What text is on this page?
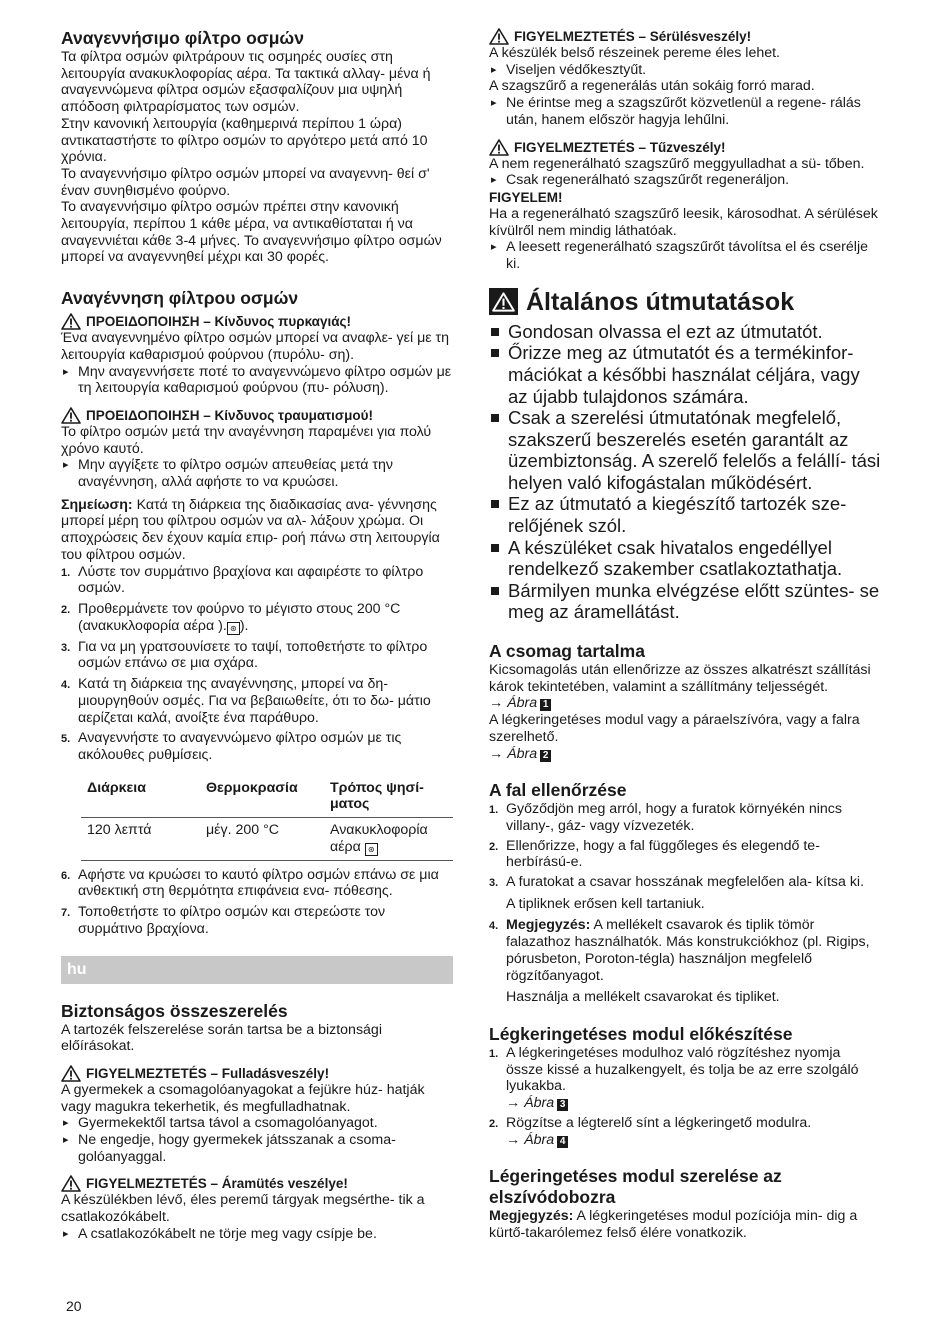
Αναγεννήσιμο φίλτρο οσμών

Τα φίλτρα οσμών φιλτράρουν τις οσμηρές ουσίες στη λειτουργία ανακυκλοφορίας αέρα. Τα τακτικά αλλαγ- μένα ή αναγεννώμενα φίλτρα οσμών εξασφαλίζουν μια υψηλή απόδοση φιλτραρίσματος των οσμών.

Στην κανονική λειτουργία (καθημερινά περίπου 1 ώρα) αντικαταστήστε το φίλτρο οσμών το αργότερο μετά από 10 χρόνια.

Το αναγεννήσιμο φίλτρο οσμών μπορεί να αναγεννη- θεί σ' έναν συνηθισμένο φούρνο.

Το αναγεννήσιμο φίλτρο οσμών πρέπει στην κανονική λειτουργία, περίπου 1 κάθε μέρα, να αντικαθίσταται ή να αναγεννιέται κάθε 3-4 μήνες. Το αναγεννήσιμο φίλτρο οσμών μπορεί να αναγεννηθεί μέχρι και 30 φορές.

Αναγέννηση φίλτρου οσμών
ΠΡΟΕΙΔΟΠΟΙΗΣΗ – Κίνδυνος πυρκαγιάς!

Ένα αναγεννημένο φίλτρο οσμών μπορεί να αναφλε- γεί με τη λειτουργία καθαρισμού φούρνου (πυρόλυ- ση).

▸ Μην αναγεννήσετε ποτέ το αναγεννώμενο φίλτρο οσμών με τη λειτουργία καθαρισμού φούρνου (πυ- ρόλυση).
ΠΡΟΕΙΔΟΠΟΙΗΣΗ – Κίνδυνος τραυματισμού!

Το φίλτρο οσμών μετά την αναγέννηση παραμένει για πολύ χρόνο καυτό.

▸ Μην αγγίξετε το φίλτρο οσμών απευθείας μετά την αναγέννηση, αλλά αφήστε το να κρυώσει.

Σημείωση: Κατά τη διάρκεια της διαδικασίας ανα- γέννησης μπορεί μέρη του φίλτρου οσμών να αλ- λάξουν χρώμα. Οι αποχρώσεις δεν έχουν καμία επιρ- ροή πάνω στη λειτουργία του φίλτρου οσμών.

1. Λύστε τον συρμάτινο βραχίονα και αφαιρέστε το φίλτρο οσμών.
2. Προθερμάνετε τον φούρνο το μέγιστο στους 200 °C (ανακυκλοφορία αέρα ). ⊛ ).
3. Για να μη γρατσουνίσετε το ταψί, τοποθετήστε το φίλτρο οσμών επάνω σε μια σχάρα.
4. Κατά τη διάρκεια της αναγέννησης, μπορεί να δη- μιουργηθούν οσμές. Για να βεβαιωθείτε, ότι το δω- μάτιο αερίζεται καλά, ανοίξτε ένα παράθυρο.
5. Αναγεννήστε το αναγεννώμενο φίλτρο οσμών με τις ακόλουθες ρυθμίσεις.
Διάρκεια	Θερμοκρασία	Τρόπος ψησί- ματος
120 λεπτά	μέγ. 200 °C	Ανακυκλοφορία αέρα ⊛
6. Αφήστε να κρυώσει το καυτό φίλτρο οσμών επάνω σε μια ανθεκτική στη θερμότητα επιφάνεια ενα- πόθεσης.
7. Τοποθετήστε το φίλτρο οσμών και στερεώστε τον συρμάτινο βραχίονα.
hu
Biztonságos összeszerelés

A tartozék felszerelése során tartsa be a biztonsági előírásokat.

FIGYELMEZTETÉS – Fulladásveszély!

A gyermekek a csomagolóanyagokat a fejükre húz- hatják vagy magukra tekerhetik, és megfulladhatnak.

▸ Gyermekektől tartsa távol a csomagolóanyagot.
▸ Ne engedje, hogy gyermekek játsszanak a csoma- golóanyaggal.
FIGYELMEZTETÉS – Áramütés veszélye!

A készülékben lévő, éles peremű tárgyak megsérthe- tik a csatlakozókábelt.

▸ A csatlakozókábelt ne törje meg vagy csípje be.
FIGYELMEZTETÉS – Sérülésveszély!

A készülék belső részeinek pereme éles lehet.

▸ Viseljen védőkesztyűt.

A szagszűrő a regenerálás után sokáig forró marad.

▸ Ne érintse meg a szagszűrőt közvetlenül a regene- rálás után, hanem először hagyja lehűlni.
FIGYELMEZTETÉS – Tűzveszély!

A nem regenerálható szagszűrő meggyulladhat a sü- tőben.

▸ Csak regenerálható szagszűrőt regeneráljon.
FIGYELEM!

Ha a regenerálható szagszűrő leesik, károsodhat. A sérülések kívülről nem mindig láthatóak.

▸ A leesett regenerálható szagszűrőt távolítsa el és cserélje ki.
Általános útmutatások
Gondosan olvassa el ezt az útmutatót.
Őrizze meg az útmutatót és a termékinfor- mációkat a későbbi használat céljára, vagy az újabb tulajdonos számára.
Csak a szerelési útmutatónak megfelelő, szakszerű beszerelés esetén garantált az üzembiztonság. A szerelő felelős a felállí- tási helyen való kifogástalan működésért.
Ez az útmutató a kiegészítő tartozék sze- relőjének szól.
A készüléket csak hivatalos engedéllyel rendelkező szakember csatlakoztathatja.
Bármilyen munka elvégzése előtt szüntes- se meg az áramellátást.
A csomag tartalma

Kicsomagolás után ellenőrizze az összes alkatrészt szállítási károk tekintetében, valamint a szállítmány teljességét.

→ Ábra 1

A légkeringetéses modul vagy a páraelszívóra, vagy a falra szerelhető.

→ Ábra 2

A fal ellenőrzése
1. Győződjön meg arról, hogy a furatok környékén nincs villany-, gáz- vagy vízvezeték.
2. Ellenőrizze, hogy a fal függőleges és elegendő te- herbírású-e.
3. A furatokat a csavar hosszának megfelelően ala- kítsa ki.

A tipliknek erősen kell tartaniuk.

4. Megjegyzés: A mellékelt csavarok és tiplik tömör falazathoz használhatók. Más konstrukciókhoz (pl. Rigips, pórusbeton, Poroton-tégla) használjon megfelelő rögzítőanyagot.

Használja a mellékelt csavarokat és tipliket.

Légkeringetéses modul előkészítése
1. A légkeringetéses modulhoz való rögzítéshez nyomja össze kissé a huzalkengyelt, és tolja be az erre szolgáló lyukakba.

→ Ábra 3

2. Rögzítse a légterelő sínt a légkeringető modulra.

→ Ábra 4

Légeringetéses modul szerelése az elszívódobozra

Megjegyzés: A légkeringetéses modul pozíciója min- dig a kürtő-takarólemez felső élére vonatkozik.

20
